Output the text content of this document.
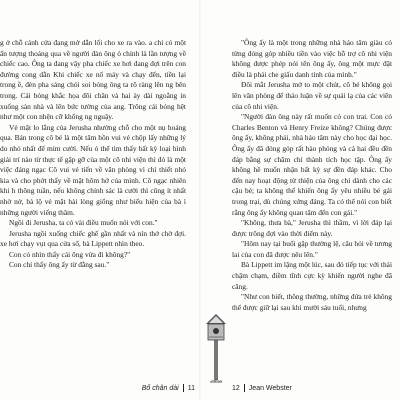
g ở chỗ cánh cửa đang mở dẫn lối cho xe ra vào. a chỉ có một ấn tượng thoáng qua về người đàn ông ó chính là lần tượng về chiếc cao. Ông ta đang vậy pha chiếc xe hơi đang đợi trên con đường cong dẫn Khi chiếc xe nổ máy và chạy đến, tiền lại trong ề, đèn pha sáng chói soi bóng ông ta rõ ràng lên ng bên trong. Cái bóng khắc họa đôi chân và hai ày dài ngoằng in xuống sàn nhà và lên bức tường của ang. Trông cái bóng hệt như một con nhện cỡ khổng ng nguậy.

Vẻ mặt lo lắng của Jerusha nhường chỗ cho một nụ hoáng qua. Bản trong cô bé là một tâm hồn vui vẻ chộp lấy những lý do nhỏ nhất để mỉm cười. Nếu ó thể tìm thấy bất kỳ loại hình giải trí nào từ thực tế gặp gỡ của một cô nhi viện thì đó là một việc đáng ngạc Cô vui vẻ tiến về văn phòng vì chỉ thiết nhỏ kia và cho phớt thấy về mặt hôm hở của mình. Cô ngạc nhiên khi h thông tuần, nếu không chính sác là cười thì cũng ít nhất nhờ nở, bà lộ vẻ mặt hài lòng giống như biểu hiện của bà ì những người viếng thăm.

Ngồi đi Jerusha, ta có vài điều muốn nói với con."

Jerusha ngồi xuống chiếc ghế gần nhất và nín thở chờ đợi. xe hơi chạy vụt qua cửa sổ, bà Lippett nhìn theo.

Con có nhìn thấy cái ông vừa đi không?"

Con chỉ thấy ông ấy từ đằng sau."

"Ông ấy là một trong những nhà hảo tâm giàu có từng đóng góp nhiều tiền vào việc hỗ trợ cô nhi viện không được phép nói tên ông ấy, ông một mực đặt điều là phải che giấu danh tính của mình."

Đôi mắt Jerusha mở to một chút, cô bé không gọi lên văn phòng để thảo luận về sự quái lạ của các viên của cô nhi viện.

"Người đàn ông này rất muốn có con trai. Con có Charles Benton và Henry Freize không? Chúng được ông ấy, không phải, nhà hảo tâm này cho học đại học. Ông ấy đã đóng góp rất hào phóng và cả hai đều đền đáp bằng sự chăm chỉ thành tích học tập. Ông ấy không hề muốn nhận bất kỳ sự đền đáp khác. Cho đến nay hoạt động từ thiện của ông chỉ dành cho các cậu bé; ta không thể khiến ông ấy yêu nhiều bé gái trong trại, dù chúng xứng đáng. Ta có thể nói con biết rằng ông ấy không quan tâm đến con gái."

"Không, thưa bà," Jerusha thì thầm, vì lời đáp lại được trông đợi vào thời điểm này.

"Hôm nay tại buổi gặp thường lệ, câu hỏi về tương lai của con đã được nêu lên."

Bà Lippett im lặng một lúc, sau đó tiếp tục với thái chậm chạm, điềm tĩnh cực kỳ khiến người nghe đã căng.

"Như con biết, thông thường, những đứa trẻ không thể được giữ lại sau khi mười sáu tuổi, nhưng

Bố chân dài 11	12 Jean Webster
